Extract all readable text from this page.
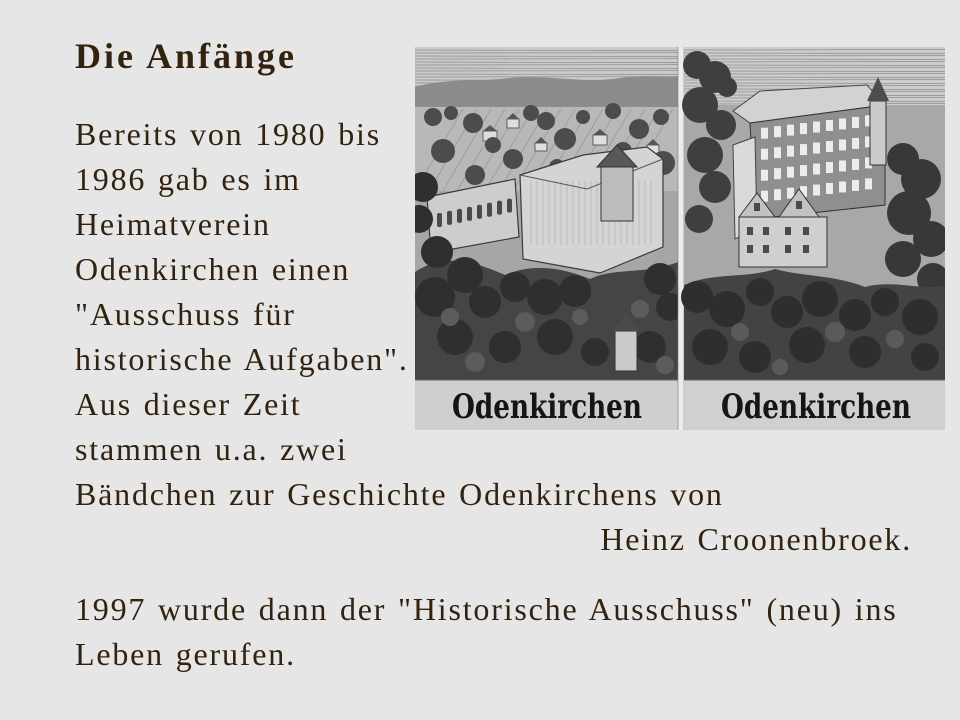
Die Anfänge
Bereits von 1980 bis
1986 gab es im
Heimatverein
Odenkirchen einen
"Ausschuss für
historische Aufgaben".
Aus dieser Zeit
stammen u.a. zwei
Bändchen zur Geschichte Odenkirchens von
Heinz Croonenbroek.
1997 wurde dann der "Historische Ausschuss" (neu) ins
Leben gerufen.
Odenkirchen Odenkirchen
